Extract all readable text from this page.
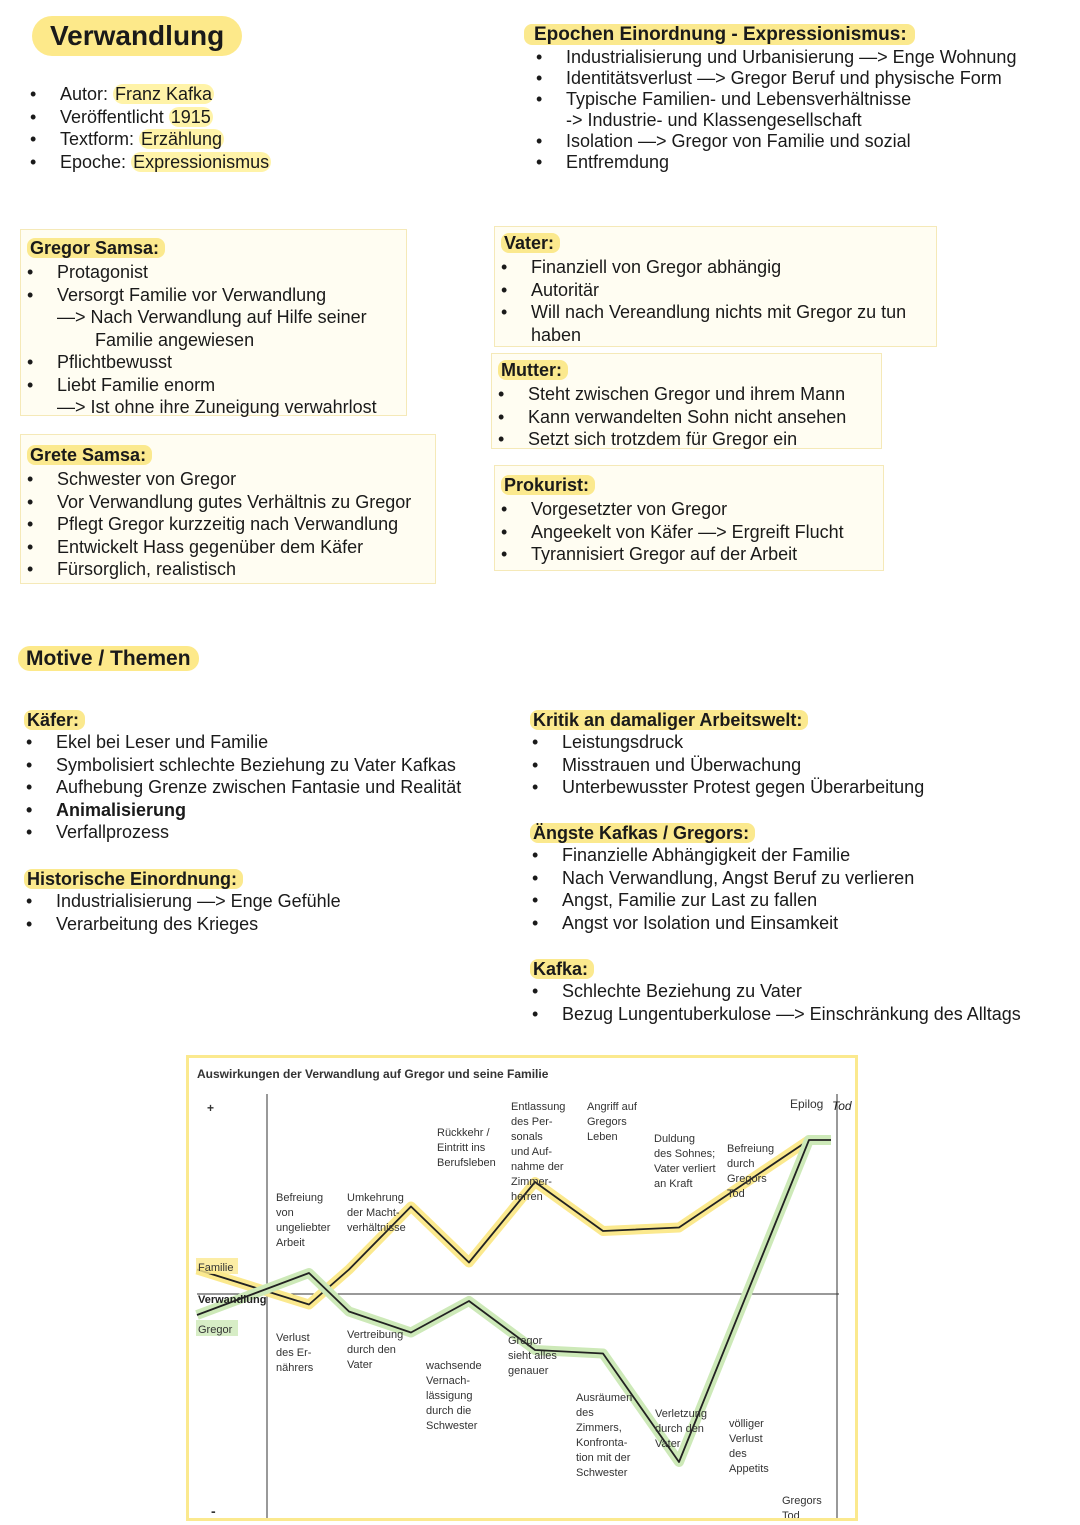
Verwandlung
• Autor: Franz Kafka
• Veröffentlicht 1915
• Textform: Erzählung
• Epoche: Expressionismus
Epochen Einordnung - Expressionismus:
• Industrialisierung und Urbanisierung —> Enge Wohnung
• Identitätsverlust —> Gregor Beruf und physische Form
• Typische Familien- und Lebensverhältnisse
-> Industrie- und Klassengesellschaft
• Isolation —> Gregor von Familie und sozial
• Entfremdung
Gregor Samsa:
• Protagonist
• Versorgt Familie vor Verwandlung
—> Nach Verwandlung auf Hilfe seiner
Familie angewiesen
• Pflichtbewusst
• Liebt Familie enorm
—> Ist ohne ihre Zuneigung verwahrlost
Vater:
• Finanziell von Gregor abhängig
• Autoritär
• Will nach Vereandlung nichts mit Gregor zu tun
haben
Mutter:
• Steht zwischen Gregor und ihrem Mann
• Kann verwandelten Sohn nicht ansehen
• Setzt sich trotzdem für Gregor ein
Grete Samsa:
• Schwester von Gregor
• Vor Verwandlung gutes Verhältnis zu Gregor
• Pflegt Gregor kurzzeitig nach Verwandlung
• Entwickelt Hass gegenüber dem Käfer
• Fürsorglich, realistisch
Prokurist:
• Vorgesetzter von Gregor
• Angeekelt von Käfer —> Ergreift Flucht
• Tyrannisiert Gregor auf der Arbeit
Motive / Themen
Käfer:
• Ekel bei Leser und Familie
• Symbolisiert schlechte Beziehung zu Vater Kafkas
• Aufhebung Grenze zwischen Fantasie und Realität
• Animalisierung
• Verfallprozess
Historische Einordnung:
• Industrialisierung —> Enge Gefühle
• Verarbeitung des Krieges
Kritik an damaliger Arbeitswelt:
• Leistungsdruck
• Misstrauen und Überwachung
• Unterbewusster Protest gegen Überarbeitung
Ängste Kafkas / Gregors:
• Finanzielle Abhängigkeit der Familie
• Nach Verwandlung, Angst Beruf zu verlieren
• Angst, Familie zur Last zu fallen
• Angst vor Isolation und Einsamkeit
Kafka:
• Schlechte Beziehung zu Vater
• Bezug Lungentuberkulose —> Einschränkung des Alltags
Auswirkungen der Verwandlung auf Gregor und seine Familie
+
-
Familie
Verwandlung
Gregor
Epilog Tod
Befreiung von ungeliebter Arbeit
Umkehrung der Macht-verhältnisse
Rückkehr / Eintritt ins Berufsleben
Entlassung des Per-sonals und Auf-nahme der Zimmer-herren
Angriff auf Gregors Leben	Duldung des Sohnes; Vater verliert an Kraft
Befreiung durch Gregors Tod
Verlust des Er-nährers
Vertreibung durch den Vater	wachsende Vernach-lässigung durch die Schwester
Gregor sieht alles genauer
Ausräumen des Zimmers, Konfronta-tion mit der Schwester
Verletzung durch den Vater
völliger Verlust des Appetits
Gregors Tod
